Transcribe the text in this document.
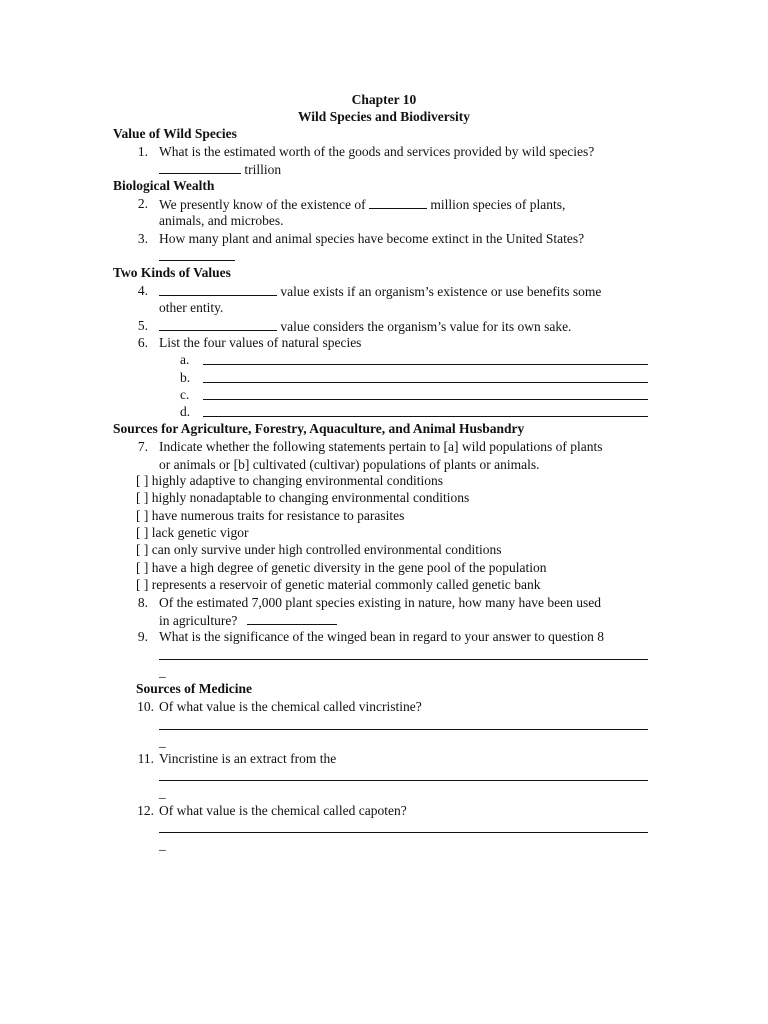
Chapter 10
Wild Species and Biodiversity
Value of Wild Species
1. What is the estimated worth of the goods and services provided by wild species?
trillion
Biological Wealth
2. We presently know of the existence of	million species of plants,
animals, and microbes.
3. How many plant and animal species have become extinct in the United States?
Two Kinds of Values
4.	value exists if an organism’s existence or use benefits some
other entity.
5.	value considers the organism’s value for its own sake.
6. List the four values of natural species
a.
b.
c.
d.
Sources for Agriculture, Forestry, Aquaculture, and Animal Husbandry
7. Indicate whether the following statements pertain to [a] wild populations of plants
or animals or [b] cultivated (cultivar) populations of plants or animals.
[ ] highly adaptive to changing environmental conditions
[ ] highly nonadaptable to changing environmental conditions
[ ] have numerous traits for resistance to parasites
[ ] lack genetic vigor
[ ] can only survive under high controlled environmental conditions
[ ] have a high degree of genetic diversity in the gene pool of the population
[ ] represents a reservoir of genetic material commonly called genetic bank
8. Of the estimated 7,000 plant species existing in nature, how many have been used
in agriculture?
9. What is the significance of the winged bean in regard to your answer to question 8
_
Sources of Medicine
10. Of what value is the chemical called vincristine?
_
11. Vincristine is an extract from the
_
12. Of what value is the chemical called capoten?
_
